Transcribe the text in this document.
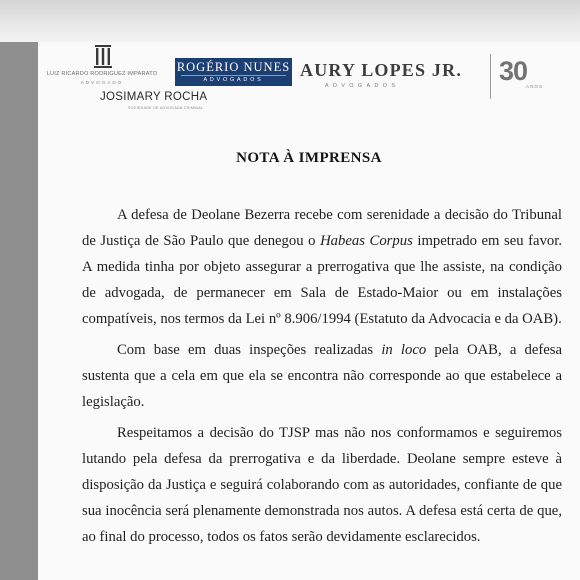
LUIZ RICARDO RODRIGUEZ IMPARATO
ADVOGADO
JOSIMARY ROCHA
SOCIEDADE DE ADVOGADA CRIMINAL
ROGÉRIO NUNES
ADVOGADOS	AURY LOPES JR.
ADVOGADOS	30
ANOS
NOTA À IMPRENSA

A defesa de Deolane Bezerra recebe com serenidade a decisão do Tribunal de Justiça de São Paulo que denegou o Habeas Corpus impetrado em seu favor. A medida tinha por objeto assegurar a prerrogativa que lhe assiste, na condição de advogada, de permanecer em Sala de Estado-Maior ou em instalações compatíveis, nos termos da Lei nº 8.906/1994 (Estatuto da Advocacia e da OAB).

Com base em duas inspeções realizadas in loco pela OAB, a defesa sustenta que a cela em que ela se encontra não corresponde ao que estabelece a legislação.

Respeitamos a decisão do TJSP mas não nos conformamos e seguiremos lutando pela defesa da prerrogativa e da liberdade. Deolane sempre esteve à disposição da Justiça e seguirá colaborando com as autoridades, confiante de que sua inocência será plenamente demonstrada nos autos. A defesa está certa de que, ao final do processo, todos os fatos serão devidamente esclarecidos.
